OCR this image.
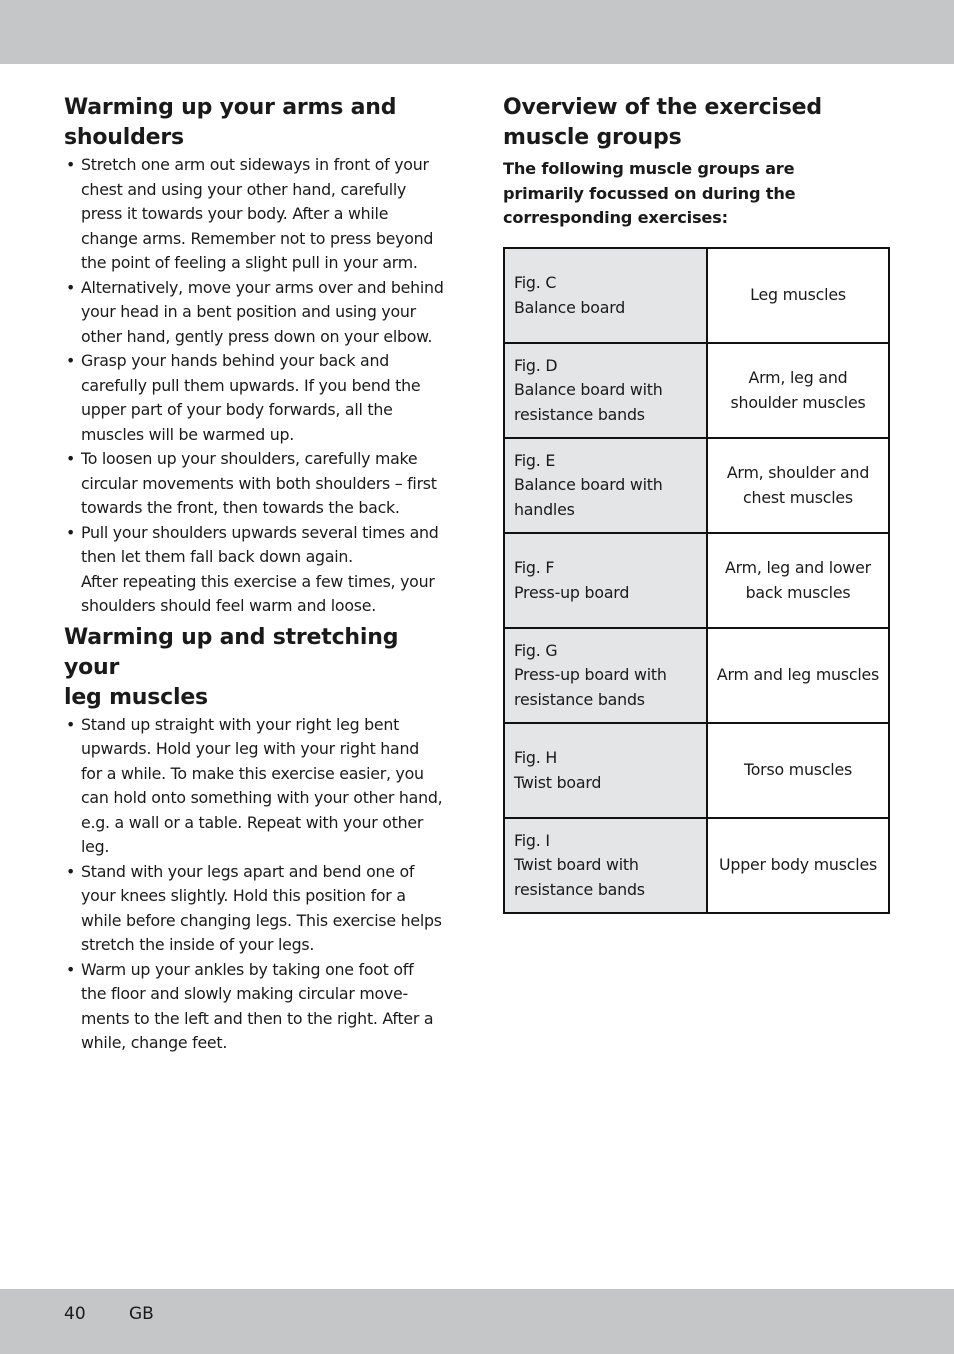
Warming up your arms and
shoulders
• Stretch one arm out sideways in front of your
chest and using your other hand, carefully
press it towards your body. After a while
change arms. Remember not to press beyond
the point of feeling a slight pull in your arm.
• Alternatively, move your arms over and behind
your head in a bent position and using your
other hand, gently press down on your elbow.
• Grasp your hands behind your back and
carefully pull them upwards. If you bend the
upper part of your body forwards, all the
muscles will be warmed up.
• To loosen up your shoulders, carefully make
circular movements with both shoulders – first
towards the front, then towards the back.
• Pull your shoulders upwards several times and
then let them fall back down again.
After repeating this exercise a few times, your
shoulders should feel warm and loose.
Warming up and stretching your
leg muscles
• Stand up straight with your right leg bent
upwards. Hold your leg with your right hand
for a while. To make this exercise easier, you
can hold onto something with your other hand,
e.g. a wall or a table. Repeat with your other
leg.
• Stand with your legs apart and bend one of
your knees slightly. Hold this position for a
while before changing legs. This exercise helps
stretch the inside of your legs.
• Warm up your ankles by taking one foot off
the floor and slowly making circular move-
ments to the left and then to the right. After a
while, change feet.
Overview of the exercised
muscle groups

The following muscle groups are
primarily focussed on during the
corresponding exercises:

Fig. C
Balance board	Leg muscles

Fig. D
Balance board with
resistance bands	Arm, leg and
shoulder muscles

Fig. E
Balance board with
handles	Arm, shoulder and
chest muscles

Fig. F
Press-up board	Arm, leg and lower
back muscles

Fig. G
Press-up board with
resistance bands	Arm and leg muscles

Fig. H
Twist board	Torso muscles

Fig. I
Twist board with
resistance bands	Upper body muscles
40	GB
